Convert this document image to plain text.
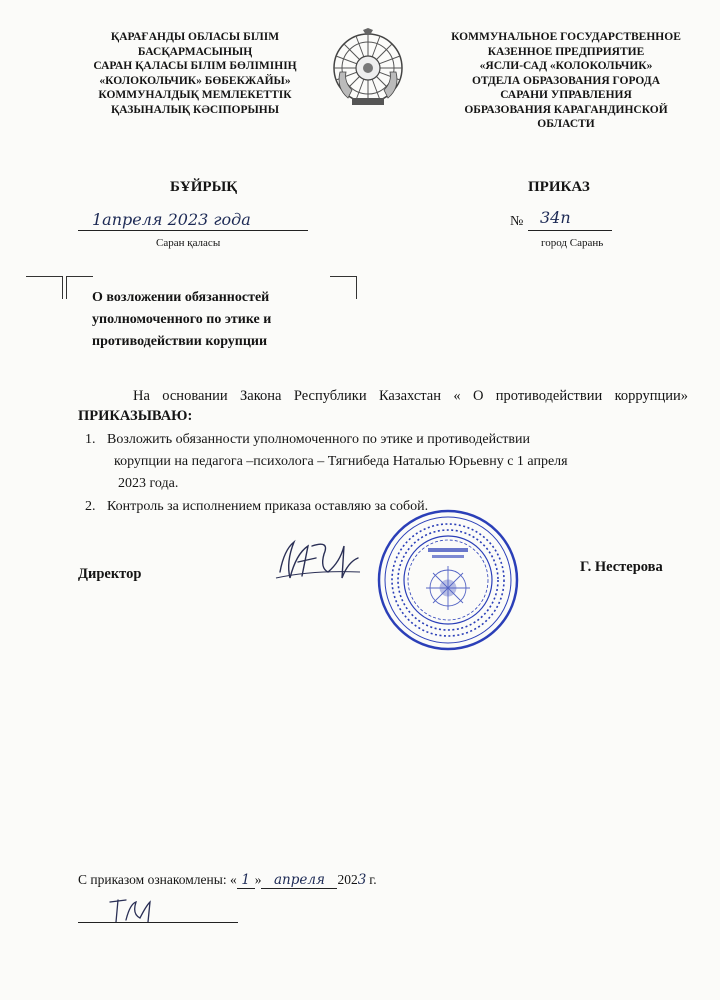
ҚАРАҒАНДЫ ОБЛАСЫ БІЛІМ
БАСҚАРМАСЫНЫҢ
САРАН ҚАЛАСЫ БІЛІМ БӨЛІМІНІҢ
«КОЛОКОЛЬЧИК» БӨБЕКЖАЙЫ»
КОММУНАЛДЫҚ МЕМЛЕКЕТТІК
ҚАЗЫНАЛЫҚ КӘСІПОРЫНЫ
КОММУНАЛЬНОЕ ГОСУДАРСТВЕННОЕ
КАЗЕННОЕ ПРЕДПРИЯТИЕ
«ЯСЛИ-САД «КОЛОКОЛЬЧИК»
ОТДЕЛА ОБРАЗОВАНИЯ ГОРОДА
САРАНИ УПРАВЛЕНИЯ
ОБРАЗОВАНИЯ КАРАГАНДИНСКОЙ
ОБЛАСТИ
БҰЙРЫҚ	ПРИКАЗ
1апреля 2023 года
Саран қаласы
№ 34п
город Сарань
О возложении обязанностей
уполномоченного по этике и
противодействии корупции
На основании Закона Республики Казахстан « О противодействии коррупции» ПРИКАЗЫВАЮ:
1. Возложить обязанности уполномоченного по этике и противодействии
корупции на педагога –психолога – Тягнибеда Наталью Юрьевну с 1 апреля
2023 года.
2. Контроль за исполнением приказа оставляю за собой.
Директор	Г. Нестерова
С приказом ознакомлены: « 1 » апреля 2023 г.
